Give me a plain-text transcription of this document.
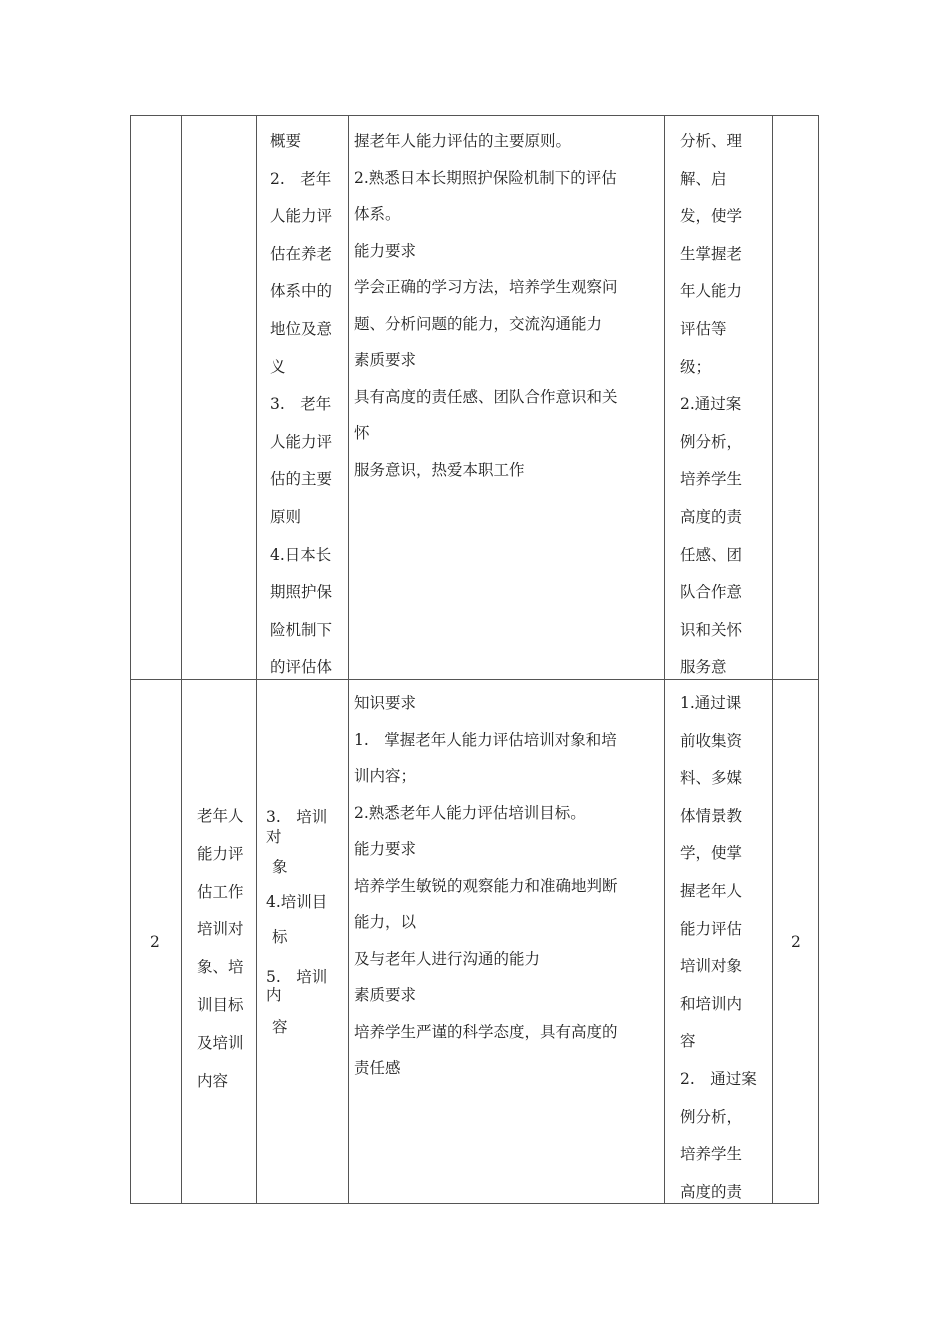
概要
2.　老年
人能力评
估在养老
体系中的
地位及意
义
3.　老年
人能力评
估的主要
原则
4.日本长
期照护保
险机制下
的评估体
握老年人能力评估的主要原则。
2.熟悉日本长期照护保险机制下的评估
体系。
能力要求
学会正确的学习方法，培养学生观察问
题、分析问题的能力，交流沟通能力
素质要求
具有高度的责任感、团队合作意识和关
怀
服务意识，热爱本职工作
分析、理
解、启
发，使学
生掌握老
年人能力
评估等
级；
2.通过案
例分析，
培养学生
高度的责
任感、团
队合作意
识和关怀
服务意
2
老年人
能力评
估工作
培训对
象、培
训目标
及培训
内容
3.　培训
对
象
4.培训目
标
5.　培训
内
容
知识要求
1.　掌握老年人能力评估培训对象和培
训内容；
2.熟悉老年人能力评估培训目标。
能力要求
培养学生敏锐的观察能力和准确地判断
能力，以
及与老年人进行沟通的能力
素质要求
培养学生严谨的科学态度，具有高度的
责任感
1.通过课
前收集资
料、多媒
体情景教
学，使掌
握老年人
能力评估
培训对象
和培训内
容
2.　通过案
例分析，
培养学生
高度的责
2
